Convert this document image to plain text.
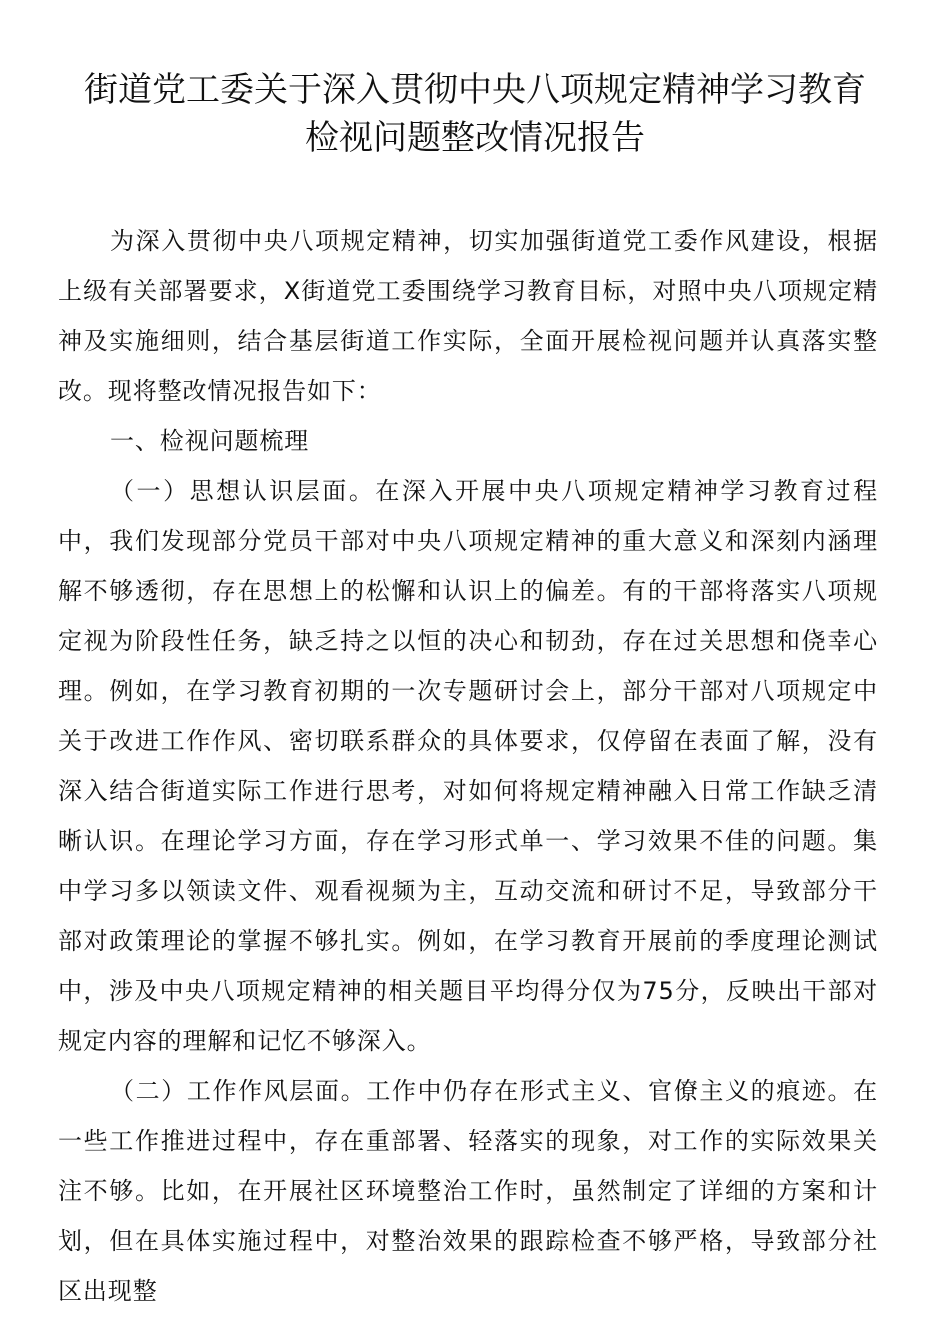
街道党工委关于深入贯彻中央八项规定精神学习教育
检视问题整改情况报告

为深入贯彻中央八项规定精神，切实加强街道党工委作风建设，根据上级有关部署要求，X街道党工委围绕学习教育目标，对照中央八项规定精神及实施细则，结合基层街道工作实际，全面开展检视问题并认真落实整改。现将整改情况报告如下：

一、检视问题梳理

（一）思想认识层面。在深入开展中央八项规定精神学习教育过程中，我们发现部分党员干部对中央八项规定精神的重大意义和深刻内涵理解不够透彻，存在思想上的松懈和认识上的偏差。有的干部将落实八项规定视为阶段性任务，缺乏持之以恒的决心和韧劲，存在过关思想和侥幸心理。例如，在学习教育初期的一次专题研讨会上，部分干部对八项规定中关于改进工作作风、密切联系群众的具体要求，仅停留在表面了解，没有深入结合街道实际工作进行思考，对如何将规定精神融入日常工作缺乏清晰认识。在理论学习方面，存在学习形式单一、学习效果不佳的问题。集中学习多以领读文件、观看视频为主，互动交流和研讨不足，导致部分干部对政策理论的掌握不够扎实。例如，在学习教育开展前的季度理论测试中，涉及中央八项规定精神的相关题目平均得分仅为75分，反映出干部对规定内容的理解和记忆不够深入。

（二）工作作风层面。工作中仍存在形式主义、官僚主义的痕迹。在一些工作推进过程中，存在重部署、轻落实的现象，对工作的实际效果关注不够。比如，在开展社区环境整治工作时，虽然制定了详细的方案和计划，但在具体实施过程中，对整治效果的跟踪检查不够严格，导致部分社区出现整
